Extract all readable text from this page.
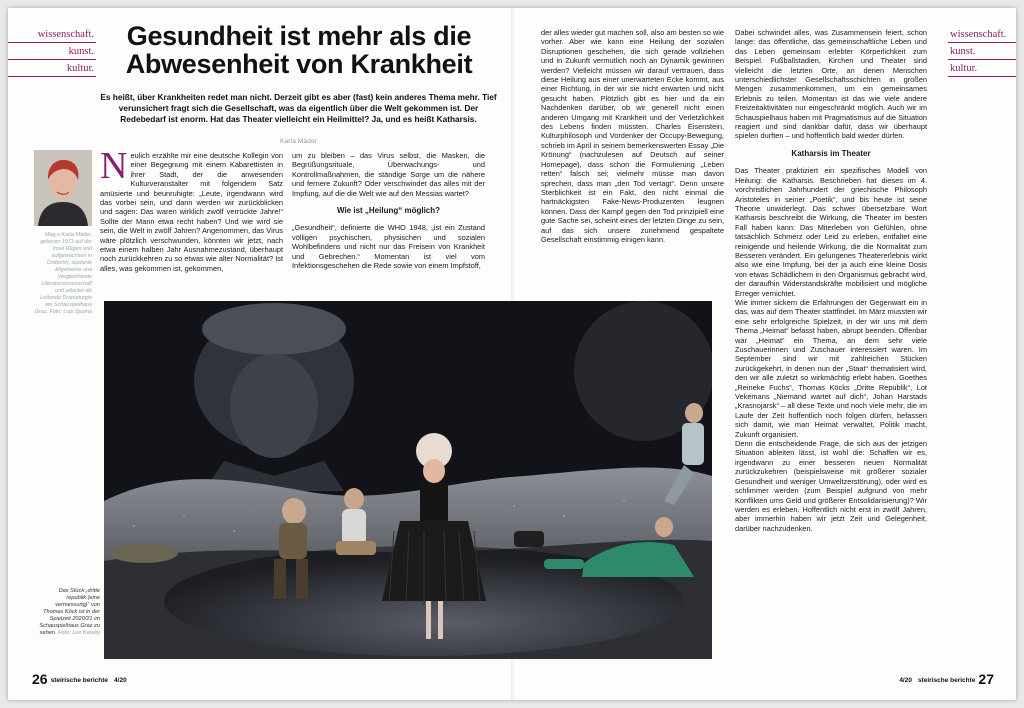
wissenschaft.
kunst.
kultur.
wissenschaft.
kunst.
kultur.
Gesundheit ist mehr als die Abwesenheit von Krankheit
Es heißt, über Krankheiten redet man nicht. Derzeit gibt es aber (fast) kein anderes Thema mehr. Tief verunsichert fragt sich die Gesellschaft, was da eigentlich über die Welt gekommen ist. Der Redebedarf ist enorm. Hat das Theater vielleicht ein Heilmittel? Ja, und es heißt Katharsis.
Karla Mäder
Mag.a Karla Mäder, geboren 1973 auf der Insel Rügen und aufgewachsen in Ostberlin, studierte Allgemeine und Vergleichende Literaturwissenschaft und arbeitet als Leitende Dramaturgin am Schauspielhaus Graz. Foto: Lupi Spuma

Neulich erzählte mir eine deutsche Kollegin von einer Begegnung mit einem Kabarettisten in ihrer Stadt, der die anwesenden Kulturveranstalter mit folgendem Satz amüsierte und beunruhigte: „Leute, irgendwann wird das vorbei sein, und dann werden wir zurückblicken und sagen: Das waren wirklich zwölf verrückte Jahre!“ Sollte der Mann etwa recht haben? Und wie wird sie sein, die Welt in zwölf Jahren? Angenommen, das Virus wäre plötzlich verschwunden, könnten wir jetzt, nach etwa einem halben Jahr Ausnahmezustand, überhaupt noch zurückkehren zu so etwas wie alter Normalität? Ist alles, was gekommen ist, gekommen,

um zu bleiben – das Virus selbst, die Masken, die Begrüßungsrituale, Überwachungs- und Kontrollmaßnahmen, die ständige Sorge um die nähere und fernere Zukunft? Oder verschwindet das alles mit der Impfung, auf die die Welt wie auf den Messias wartet?

Wie ist „Heilung“ möglich?

„Gesundheit“, definierte die WHO 1948, „ist ein Zustand völligen psychischen, physischen und sozialen Wohlbefindens und nicht nur das Freisein von Krankheit und Gebrechen.“ Momentan ist viel vom Infektionsgeschehen die Rede sowie von einem Impfstoff,

der alles wieder gut machen soll, also am besten so wie vorher. Aber wie kann eine Heilung der sozialen Disruptionen geschehen, die sich gerade vollziehen und in Zukunft vermutlich noch an Dynamik gewinnen werden? Vielleicht müssen wir darauf vertrauen, dass diese Heilung aus einer unerwarteten Ecke kommt, aus einer Richtung, in der wir sie nicht erwarten und nicht gesucht haben. Plötzlich gibt es hier und da ein Nachdenken darüber, ob wir generell nicht einen anderen Umgang mit Krankheit und der Verletzlichkeit des Lebens finden müssten. Charles Eisenstein, Kulturphilosoph und Vordenker der Occupy-Bewegung, schrieb im April in seinem bemerkenswerten Essay „Die Krönung“ (nachzulesen auf Deutsch auf seiner Homepage), dass schon die Formulierung „Leben retten“ falsch sei; vielmehr müsse man davon sprechen, dass man „den Tod vertagt“. Denn unsere Sterblichkeit ist ein Fakt, den nicht einmal die hartnäckigsten Fake-News-Produzenten leugnen können. Dass der Kampf gegen den Tod prinzipiell eine gute Sache sei, scheint eines der letzten Dinge zu sein, auf das sich unsere zunehmend gespaltete Gesellschaft einstimmig einigen kann.

Dabei schwindet alles, was Zusammensein feiert, schon lange: das öffentliche, das gemeinschaftliche Leben und das Leben gemeinsam erlebter Körperlichkeit zum Beispiel. Fußballstadien, Kirchen und Theater sind vielleicht die letzten Orte, an denen Menschen unterschiedlichster Gesellschaftsschichten in großen Mengen zusammenkommen, um ein gemeinsames Erlebnis zu teilen. Momentan ist das wie viele andere Freizeitaktivitäten nur eingeschränkt möglich. Auch wir im Schauspielhaus haben mit Pragmatismus auf die Situation reagiert und sind dankbar dafür, dass wir überhaupt spielen durften – und hoffentlich bald wieder dürfen.

Katharsis im Theater

Das Theater praktiziert ein spezifisches Modell von Heilung: die Katharsis. Beschrieben hat dieses im 4. vorchristlichen Jahrhundert der griechische Philosoph Aristoteles in seiner „Poetik“, und bis heute ist seine Theorie unwiderlegt. Das schwer übersetzbare Wort Katharsis beschreibt die Wirkung, die Theater im besten Fall haben kann: Das Miterleben von Gefühlen, ohne tatsächlich Schmerz oder Leid zu erleben, entfaltet eine reinigende und heilende Wirkung, die die Normalität zum Besseren verändert. Ein gelungenes Theatererlebnis wirkt also wie eine Impfung, bei der ja auch eine kleine Dosis von etwas Schädlichem in den Organismus gebracht wird, der daraufhin Widerstandskräfte mobilisiert und mögliche Erreger vernichtet.

Wie immer sickern die Erfahrungen der Gegenwart ein in das, was auf dem Theater stattfindet. Im März mussten wir eine sehr erfolgreiche Spielzeit, in der wir uns mit dem Thema „Heimat“ befasst haben, abrupt beenden. Offenbar war „Heimat“ ein Thema, an dem sehr viele Zuschauerinnen und Zuschauer interessiert waren. Im September sind wir mit zahlreichen Stücken zurückgekehrt, in denen nun der „Staat“ thematisiert wird, den wir alle zuletzt so wirkmächtig erlebt haben. Goethes „Reineke Fuchs“, Thomas Köcks „Dritte Republik“, Lot Vekemans „Niemand wartet auf dich“, Johan Harstads „Krasnojarsk“ – all diese Texte und noch viele mehr, die im Laufe der Zeit hoffentlich noch folgen dürfen, befassen sich damit, wie man Heimat verwaltet, Politik macht, Zukunft organisiert.

Denn die entscheidende Frage, die sich aus der jetzigen Situation ableiten lässt, ist wohl die: Schaffen wir es, irgendwann zu einer besseren neuen Normalität zurückzukehren (beispielsweise mit größerer sozialer Gesundheit und weniger Umweltzerstörung), oder wird es schlimmer werden (zum Beispiel aufgrund von mehr Konflikten ums Geld und größerer Entsolidarisierung)? Wir werden es erleben. Hoffentlich nicht erst in zwölf Jahren, aber immerhin haben wir jetzt Zeit und Gelegenheit, darüber nachzudenken.

Das Stück „dritte republik (eine vermessung)“ von Thomas Köck ist in der Spielzeit 2020/21 im Schauspielhaus Graz zu sehen. Foto: Lex Karelly
26 steirische berichte 4/20	4/20 steirische berichte 27
